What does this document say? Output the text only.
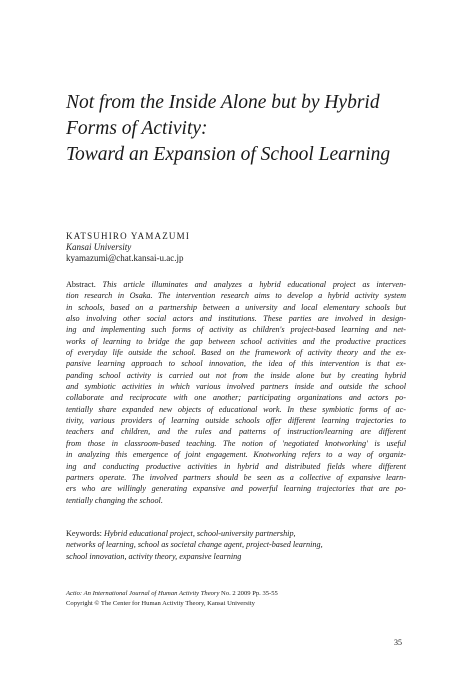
Not from the Inside Alone but by Hybrid
Forms of Activity:
Toward an Expansion of School Learning
KATSUHIRO YAMAZUMI
Kansai University
kyamazumi@chat.kansai-u.ac.jp
Abstract. This article illuminates and analyzes a hybrid educational project as interven-
tion research in Osaka. The intervention research aims to develop a hybrid activity system
in schools, based on a partnership between a university and local elementary schools but
also involving other social actors and institutions. These parties are involved in design-
ing and implementing such forms of activity as children's project-based learning and net-
works of learning to bridge the gap between school activities and the productive practices
of everyday life outside the school. Based on the framework of activity theory and the ex-
pansive learning approach to school innovation, the idea of this intervention is that ex-
panding school activity is carried out not from the inside alone but by creating hybrid
and symbiotic activities in which various involved partners inside and outside the school
collaborate and reciprocate with one another; participating organizations and actors po-
tentially share expanded new objects of educational work. In these symbiotic forms of ac-
tivity, various providers of learning outside schools offer different learning trajectories to
teachers and children, and the rules and patterns of instruction/learning are different
from those in classroom-based teaching. The notion of 'negotiated knotworking' is useful
in analyzing this emergence of joint engagement. Knotworking refers to a way of organiz-
ing and conducting productive activities in hybrid and distributed fields where different
partners operate. The involved partners should be seen as a collective of expansive learn-
ers who are willingly generating expansive and powerful learning trajectories that are po-
tentially changing the school.
Keywords: Hybrid educational project, school-university partnership,
networks of learning, school as societal change agent, project-based learning,
school innovation, activity theory, expansive learning
Actio: An International Journal of Human Activity Theory No. 2 2009 Pp. 35-55
Copyright © The Center for Human Activity Theory, Kansai University
35
